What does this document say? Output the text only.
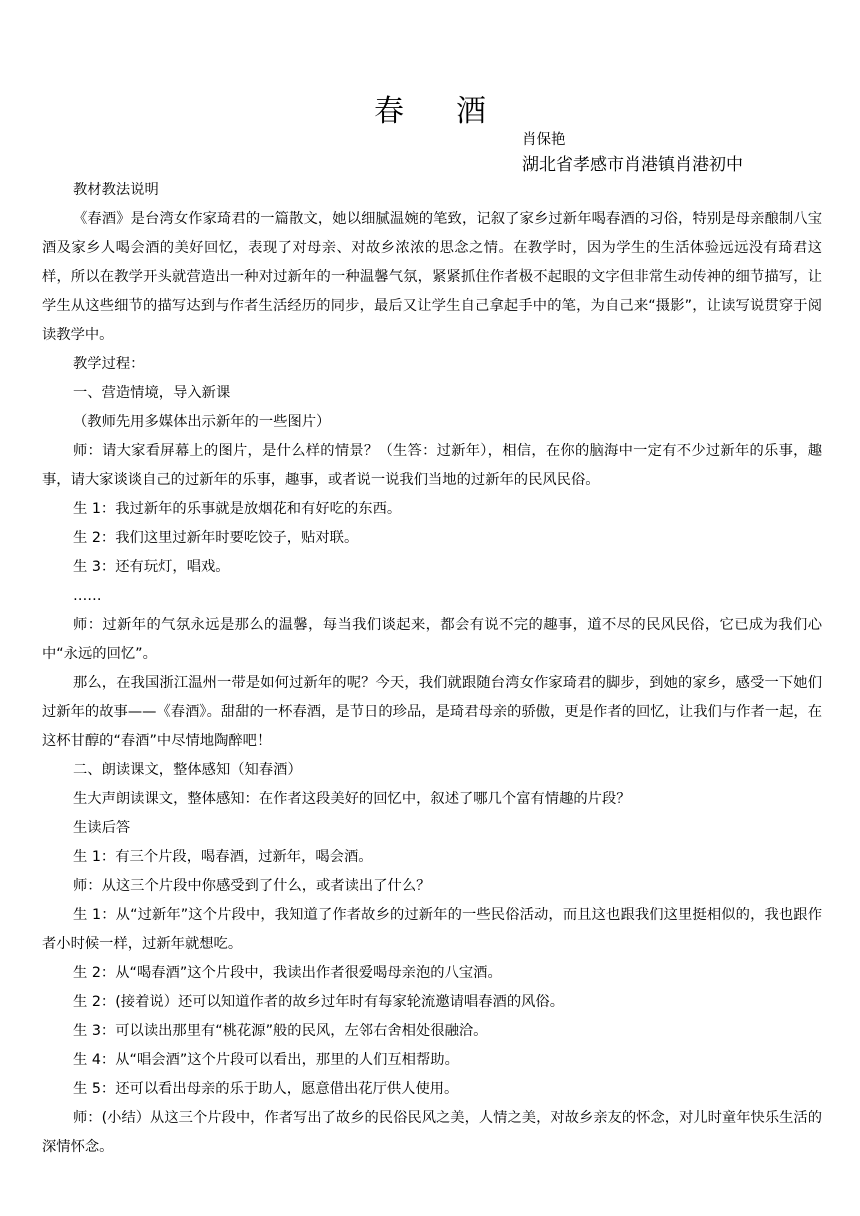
春 酒
肖保艳
湖北省孝感市肖港镇肖港初中

教材教法说明

《春酒》是台湾女作家琦君的一篇散文，她以细腻温婉的笔致，记叙了家乡过新年喝春酒的习俗，特别是母亲酿制八宝酒及家乡人喝会酒的美好回忆，表现了对母亲、对故乡浓浓的思念之情。在教学时，因为学生的生活体验远远没有琦君这样，所以在教学开头就营造出一种对过新年的一种温馨气氛，紧紧抓住作者极不起眼的文字但非常生动传神的细节描写，让学生从这些细节的描写达到与作者生活经历的同步，最后又让学生自己拿起手中的笔，为自己来“摄影”，让读写说贯穿于阅读教学中。

教学过程：

一、营造情境，导入新课

（教师先用多媒体出示新年的一些图片）

师：请大家看屏幕上的图片，是什么样的情景？（生答：过新年），相信，在你的脑海中一定有不少过新年的乐事，趣事，请大家谈谈自己的过新年的乐事，趣事，或者说一说我们当地的过新年的民风民俗。

生 1：我过新年的乐事就是放烟花和有好吃的东西。

生 2：我们这里过新年时要吃饺子，贴对联。

生 3：还有玩灯，唱戏。

……

师：过新年的气氛永远是那么的温馨，每当我们谈起来，都会有说不完的趣事，道不尽的民风民俗，它已成为我们心中“永远的回忆”。

那么，在我国浙江温州一带是如何过新年的呢？今天，我们就跟随台湾女作家琦君的脚步，到她的家乡，感受一下她们过新年的故事——《春酒》。甜甜的一杯春酒，是节日的珍品，是琦君母亲的骄傲，更是作者的回忆，让我们与作者一起，在这杯甘醇的“春酒”中尽情地陶醉吧！

二、朗读课文，整体感知（知春酒）

生大声朗读课文，整体感知：在作者这段美好的回忆中，叙述了哪几个富有情趣的片段？

生读后答

生 1：有三个片段，喝春酒，过新年，喝会酒。

师：从这三个片段中你感受到了什么，或者读出了什么？

生 1：从“过新年”这个片段中，我知道了作者故乡的过新年的一些民俗活动，而且这也跟我们这里挺相似的，我也跟作者小时候一样，过新年就想吃。

生 2：从“喝春酒”这个片段中，我读出作者很爱喝母亲泡的八宝酒。

生 2：(接着说）还可以知道作者的故乡过年时有每家轮流邀请唱春酒的风俗。

生 3：可以读出那里有“桃花源”般的民风，左邻右舍相处很融洽。

生 4：从“唱会酒”这个片段可以看出，那里的人们互相帮助。

生 5：还可以看出母亲的乐于助人，愿意借出花厅供人使用。

师：(小结）从这三个片段中，作者写出了故乡的民俗民风之美，人情之美，对故乡亲友的怀念，对儿时童年快乐生活的深情怀念。
